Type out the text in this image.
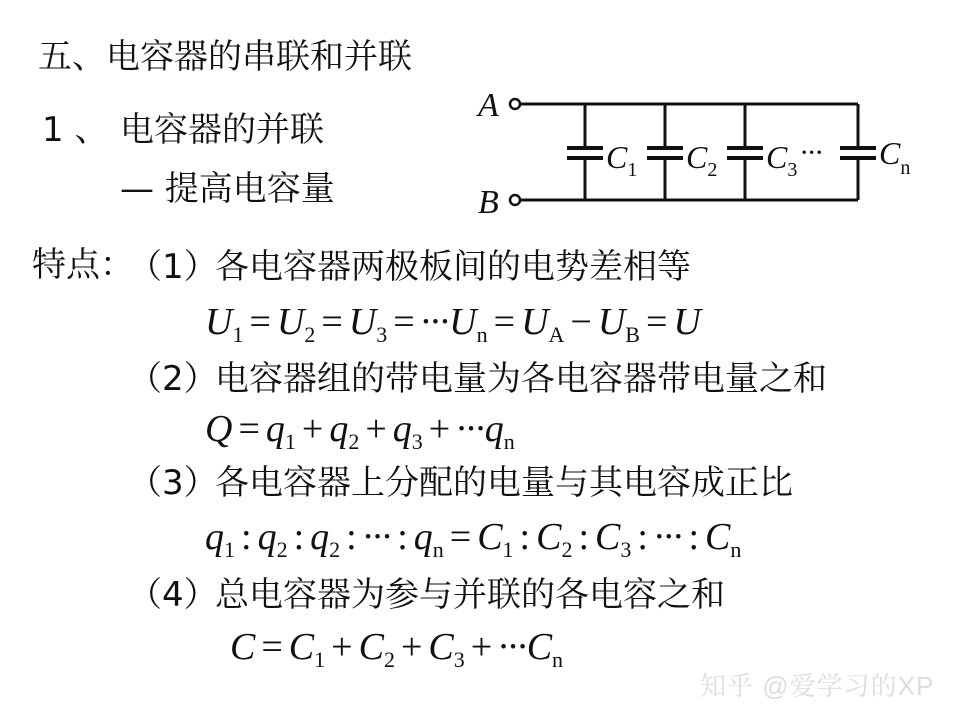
五、电容器的串联和并联
1 、 电容器的并联
— 提高电容量
A
B
$C_1$ $C_2$ $C_3$
··· $C_n$
特点：
（1）
各电容器两极板间的电势差相等
$U_1 = U_2 = U_3 = \cdot\cdot\cdot U_n = U_A - U_B = U$
（2）
电容器组的带电量为各电容器带电量之和
$Q = q_1 + q_2 + q_3 + \cdot\cdot\cdot q_n$
（3）
各电容器上分配的电量与其电容成正比
$q_1$ : $q_2$ : $q_2$ : ··· : $q_n = C_1$ : $C_2$ : $C_3$ : ··· : $C_n$
（4）
总电容器为参与并联的各电容之和
$C = C_1 + C_2 + C_3 + \cdot\cdot\cdot C_n$
知乎 @爱学习的XP
